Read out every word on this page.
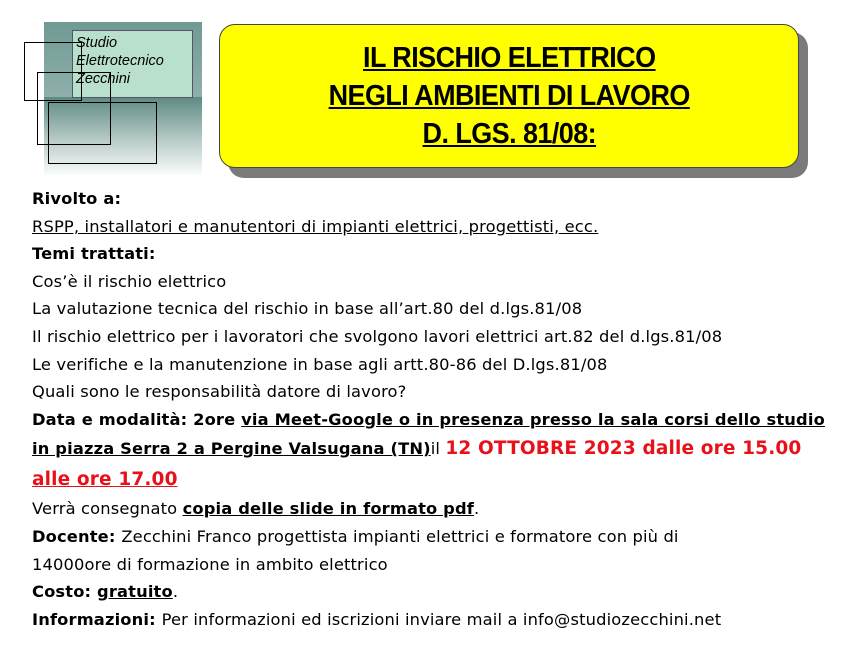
Studio
Elettrotecnico
Zecchini
IL RISCHIO ELETTRICO
NEGLI AMBIENTI DI LAVORO
D. LGS. 81/08:

Rivolto a:

RSPP, installatori e manutentori di impianti elettrici, progettisti, ecc.

Temi trattati:

Cos’è il rischio elettrico

La valutazione tecnica del rischio in base all’art.80 del d.lgs.81/08

Il rischio elettrico per i lavoratori che svolgono lavori elettrici art.82 del d.lgs.81/08

Le verifiche e la manutenzione in base agli artt.80-86 del D.lgs.81/08

Quali sono le responsabilità datore di lavoro?

Data e modalità: 2ore via Meet-Google o in presenza presso la sala corsi dello studio

in piazza Serra 2 a Pergine Valsugana (TN)il 12 OTTOBRE 2023 dalle ore 15.00

alle ore 17.00

Verrà consegnato copia delle slide in formato pdf.

Docente: Zecchini Franco progettista impianti elettrici e formatore con più di

14000ore di formazione in ambito elettrico

Costo: gratuito.

Informazioni: Per informazioni ed iscrizioni inviare mail a info@studiozecchini.net
